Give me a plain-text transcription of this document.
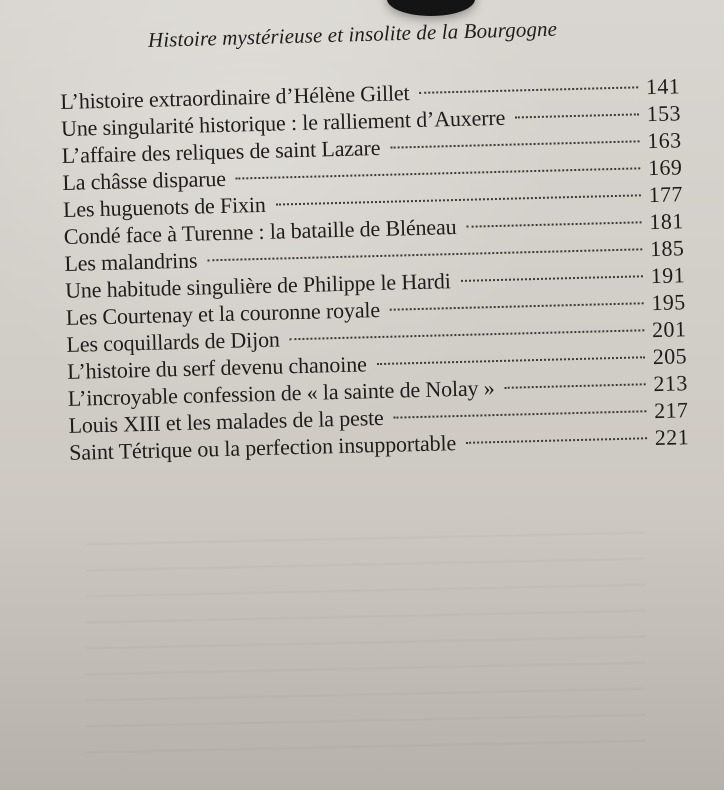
Histoire mystérieuse et insolite de la Bourgogne
L’histoire extraordinaire d’Hélène Gillet	141
Une singularité historique : le ralliement d’Auxerre	153
L’affaire des reliques de saint Lazare	163
La châsse disparue	169
Les huguenots de Fixin	177
Condé face à Turenne : la bataille de Bléneau	181
Les malandrins	185
Une habitude singulière de Philippe le Hardi	191
Les Courtenay et la couronne royale	195
Les coquillards de Dijon	201
L’histoire du serf devenu chanoine	205
L’incroyable confession de « la sainte de Nolay »	213
Louis XIII et les malades de la peste	217
Saint Tétrique ou la perfection insupportable	221
